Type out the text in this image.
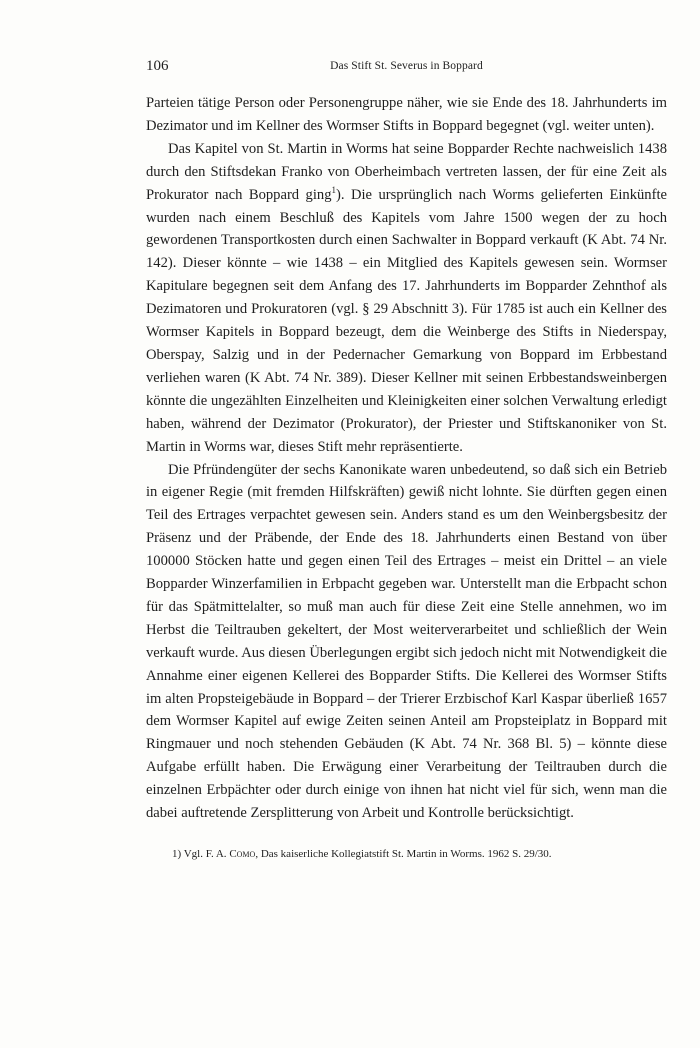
106	Das Stift St. Severus in Boppard

Parteien tätige Person oder Personengruppe näher, wie sie Ende des 18. Jahrhunderts im Dezimator und im Kellner des Wormser Stifts in Boppard begegnet (vgl. weiter unten).

Das Kapitel von St. Martin in Worms hat seine Bopparder Rechte nachweislich 1438 durch den Stiftsdekan Franko von Oberheimbach vertreten lassen, der für eine Zeit als Prokurator nach Boppard ging$^1$). Die ursprünglich nach Worms gelieferten Einkünfte wurden nach einem Beschluß des Kapitels vom Jahre 1500 wegen der zu hoch gewordenen Transportkosten durch einen Sachwalter in Boppard verkauft (K Abt. 74 Nr. 142). Dieser könnte – wie 1438 – ein Mitglied des Kapitels gewesen sein. Wormser Kapitulare begegnen seit dem Anfang des 17. Jahrhunderts im Bopparder Zehnthof als Dezimatoren und Prokuratoren (vgl. § 29 Abschnitt 3). Für 1785 ist auch ein Kellner des Wormser Kapitels in Boppard bezeugt, dem die Weinberge des Stifts in Niederspay, Oberspay, Salzig und in der Pedernacher Gemarkung von Boppard im Erbbestand verliehen waren (K Abt. 74 Nr. 389). Dieser Kellner mit seinen Erbbestandsweinbergen könnte die ungezählten Einzelheiten und Kleinigkeiten einer solchen Verwaltung erledigt haben, während der Dezimator (Prokurator), der Priester und Stiftskanoniker von St. Martin in Worms war, dieses Stift mehr repräsentierte.

Die Pfründengüter der sechs Kanonikate waren unbedeutend, so daß sich ein Betrieb in eigener Regie (mit fremden Hilfskräften) gewiß nicht lohnte. Sie dürften gegen einen Teil des Ertrages verpachtet gewesen sein. Anders stand es um den Weinbergsbesitz der Präsenz und der Präbende, der Ende des 18. Jahrhunderts einen Bestand von über 100000 Stöcken hatte und gegen einen Teil des Ertrages – meist ein Drittel – an viele Bopparder Winzerfamilien in Erbpacht gegeben war. Unterstellt man die Erbpacht schon für das Spätmittelalter, so muß man auch für diese Zeit eine Stelle annehmen, wo im Herbst die Teiltrauben gekeltert, der Most weiterverarbeitet und schließlich der Wein verkauft wurde. Aus diesen Überlegungen ergibt sich jedoch nicht mit Notwendigkeit die Annahme einer eigenen Kellerei des Bopparder Stifts. Die Kellerei des Wormser Stifts im alten Propsteigebäude in Boppard – der Trierer Erzbischof Karl Kaspar überließ 1657 dem Wormser Kapitel auf ewige Zeiten seinen Anteil am Propsteiplatz in Boppard mit Ringmauer und noch stehenden Gebäuden (K Abt. 74 Nr. 368 Bl. 5) – könnte diese Aufgabe erfüllt haben. Die Erwägung einer Verarbeitung der Teiltrauben durch die einzelnen Erbpächter oder durch einige von ihnen hat nicht viel für sich, wenn man die dabei auftretende Zersplitterung von Arbeit und Kontrolle berücksichtigt.

1) Vgl. F. A. Como, Das kaiserliche Kollegiatstift St. Martin in Worms. 1962 S. 29/30.
